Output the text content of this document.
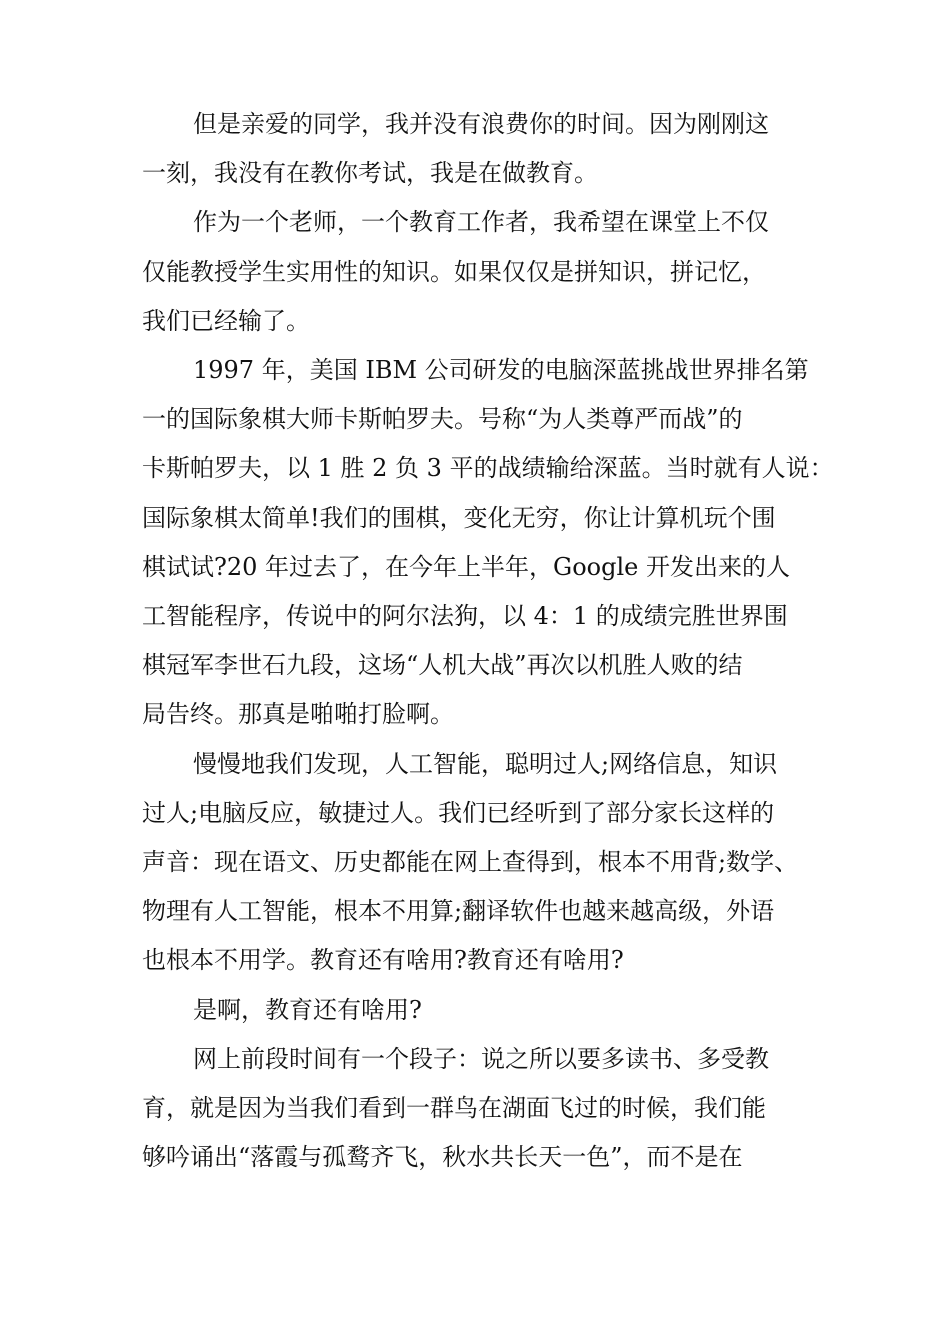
但是亲爱的同学，我并没有浪费你的时间。因为刚刚这
一刻，我没有在教你考试，我是在做教育。
作为一个老师，一个教育工作者，我希望在课堂上不仅
仅能教授学生实用性的知识。如果仅仅是拼知识，拼记忆，
我们已经输了。
1997 年，美国 IBM 公司研发的电脑深蓝挑战世界排名第
一的国际象棋大师卡斯帕罗夫。号称“为人类尊严而战”的
卡斯帕罗夫，以 1 胜 2 负 3 平的战绩输给深蓝。当时就有人说：
国际象棋太简单!我们的围棋，变化无穷，你让计算机玩个围
棋试试?20 年过去了，在今年上半年，Google 开发出来的人
工智能程序，传说中的阿尔法狗，以 4：1 的成绩完胜世界围
棋冠军李世石九段，这场“人机大战”再次以机胜人败的结
局告终。那真是啪啪打脸啊。
慢慢地我们发现，人工智能，聪明过人;网络信息，知识
过人;电脑反应，敏捷过人。我们已经听到了部分家长这样的
声音：现在语文、历史都能在网上查得到，根本不用背;数学、
物理有人工智能，根本不用算;翻译软件也越来越高级，外语
也根本不用学。教育还有啥用?教育还有啥用?
是啊，教育还有啥用?
网上前段时间有一个段子：说之所以要多读书、多受教
育，就是因为当我们看到一群鸟在湖面飞过的时候，我们能
够吟诵出“落霞与孤鹜齐飞，秋水共长天一色”，而不是在
